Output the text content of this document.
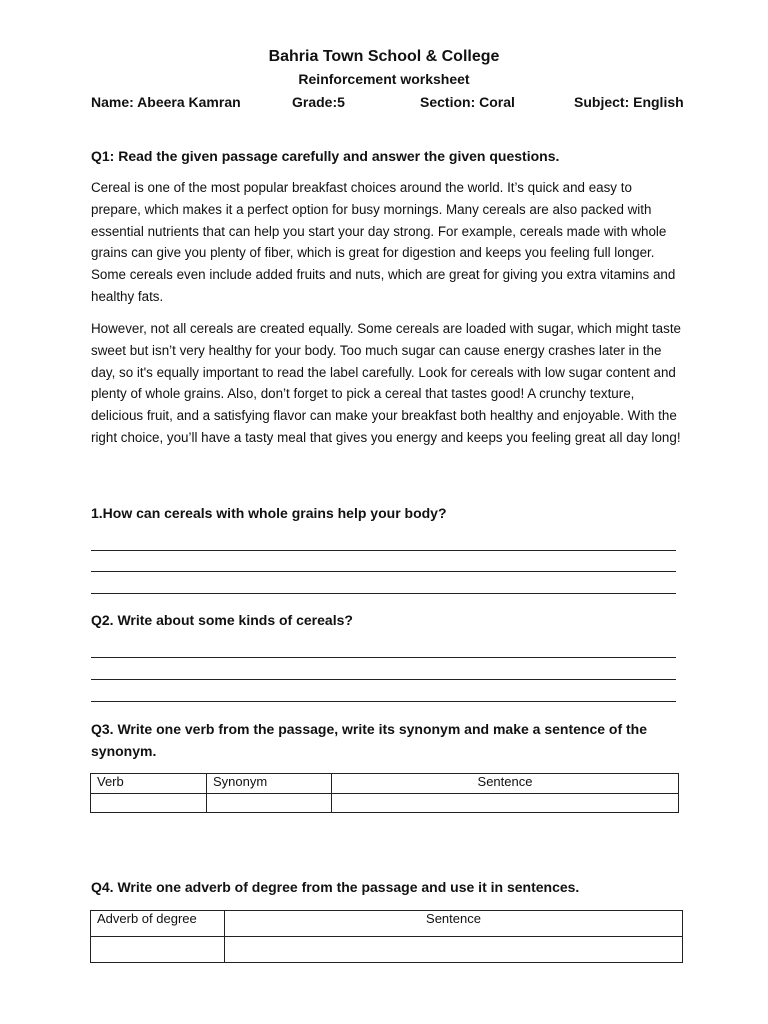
Bahria Town School & College
Reinforcement worksheet
Name: Abeera Kamran	Grade:5	Section: Coral	Subject: English
Q1: Read the given passage carefully and answer the given questions.
Cereal is one of the most popular breakfast choices around the world. It’s quick and easy to prepare, which makes it a perfect option for busy mornings. Many cereals are also packed with essential nutrients that can help you start your day strong. For example, cereals made with whole grains can give you plenty of fiber, which is great for digestion and keeps you feeling full longer. Some cereals even include added fruits and nuts, which are great for giving you extra vitamins and healthy fats.
However, not all cereals are created equally. Some cereals are loaded with sugar, which might taste sweet but isn’t very healthy for your body. Too much sugar can cause energy crashes later in the day, so it's equally important to read the label carefully. Look for cereals with low sugar content and plenty of whole grains. Also, don’t forget to pick a cereal that tastes good! A crunchy texture, delicious fruit, and a satisfying flavor can make your breakfast both healthy and enjoyable. With the right choice, you’ll have a tasty meal that gives you energy and keeps you feeling great all day long!
1.How can cereals with whole grains help your body?
Q2. Write about some kinds of cereals?
Q3. Write one verb from the passage, write its synonym and make a sentence of the synonym.
Verb	Synonym	Sentence

Q4. Write one adverb of degree from the passage and use it in sentences.
Adverb of degree	Sentence
